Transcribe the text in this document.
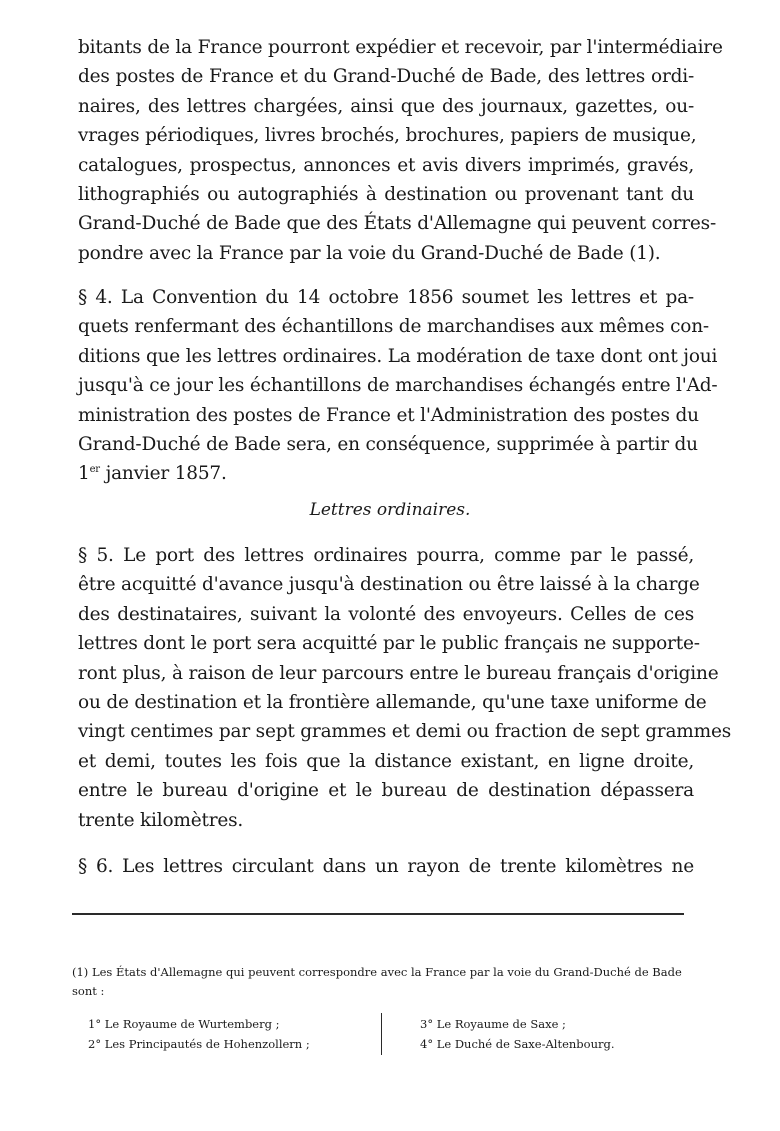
bitants de la France pourront expédier et recevoir, par l'intermédiaire
des postes de France et du Grand-Duché de Bade, des lettres ordi-
naires, des lettres chargées, ainsi que des journaux, gazettes, ou-
vrages périodiques, livres brochés, brochures, papiers de musique,
catalogues, prospectus, annonces et avis divers imprimés, gravés,
lithographiés ou autographiés à destination ou provenant tant du
Grand-Duché de Bade que des États d'Allemagne qui peuvent corres-
pondre avec la France par la voie du Grand-Duché de Bade (1).
§ 4. La Convention du 14 octobre 1856 soumet les lettres et pa-
quets renfermant des échantillons de marchandises aux mêmes con-
ditions que les lettres ordinaires. La modération de taxe dont ont joui
jusqu'à ce jour les échantillons de marchandises échangés entre l'Ad-
ministration des postes de France et l'Administration des postes du
Grand-Duché de Bade sera, en conséquence, supprimée à partir du
1er janvier 1857.
Lettres ordinaires.
§ 5. Le port des lettres ordinaires pourra, comme par le passé,
être acquitté d'avance jusqu'à destination ou être laissé à la charge
des destinataires, suivant la volonté des envoyeurs. Celles de ces
lettres dont le port sera acquitté par le public français ne supporte-
ront plus, à raison de leur parcours entre le bureau français d'origine
ou de destination et la frontière allemande, qu'une taxe uniforme de
vingt centimes par sept grammes et demi ou fraction de sept grammes
et demi, toutes les fois que la distance existant, en ligne droite,
entre le bureau d'origine et le bureau de destination dépassera
trente kilomètres.
§ 6. Les lettres circulant dans un rayon de trente kilomètres ne
(1) Les États d'Allemagne qui peuvent correspondre avec la France par la voie du Grand-Duché de Bade sont :
1° Le Royaume de Wurtemberg ;
2° Les Principautés de Hohenzollern ;
3° Le Royaume de Saxe ;
4° Le Duché de Saxe-Altenbourg.
